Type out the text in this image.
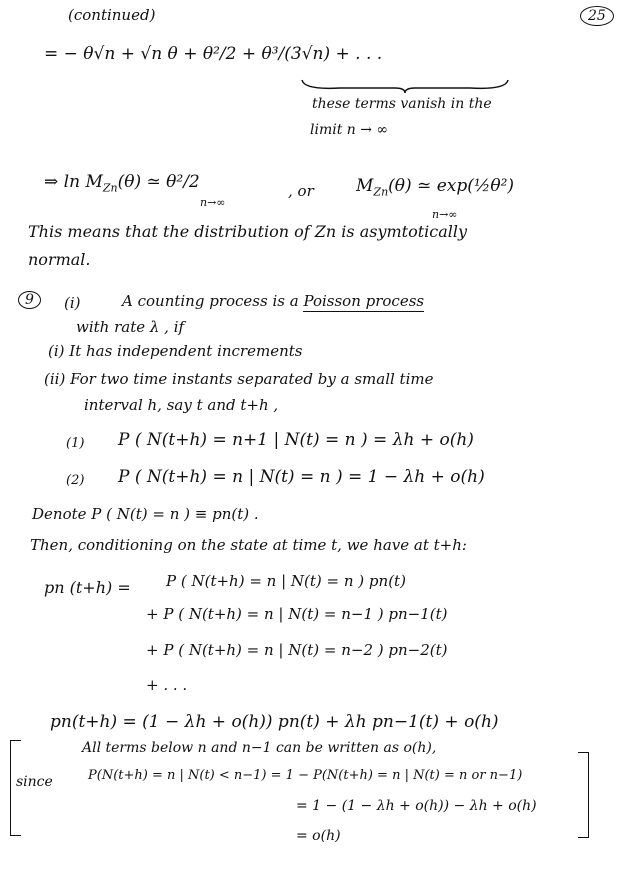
(continued)	25
= − θ√n + √n θ + θ²/2 + θ³/(3√n) + . . .
these terms vanish in the
limit n → ∞
⇒ $\ln M_{Zn}(\theta)$ ≃ θ²/2
n→∞
, or $M_{Zn}(\theta)$ ≃ exp(½θ²)
n→∞
This means that the distribution of Zn is asymtotically
normal.
9	(i)	A counting process is a Poisson process
with rate λ , if
(i) It has independent increments
(ii) For two time instants separated by a small time
interval h, say t and t+h ,
(1) P ( N(t+h) = n+1 | N(t) = n ) = λh + o(h)
(2) P ( N(t+h) = n | N(t) = n ) = 1 − λh + o(h)
Denote P ( N(t) = n ) ≡ pn(t) .
Then, conditioning on the state at time t, we have at t+h:
pn (t+h) = P ( N(t+h) = n | N(t) = n ) pn(t)
+ P ( N(t+h) = n | N(t) = n−1 ) pn−1(t)
+ P ( N(t+h) = n | N(t) = n−2 ) pn−2(t)
+ . . .
pn(t+h) = (1 − λh + o(h)) pn(t) + λh pn−1(t) + o(h)
All terms below n and n−1 can be written as o(h),
since	P(N(t+h) = n | N(t) < n−1) = 1 − P(N(t+h) = n | N(t) = n or n−1)
= 1 − (1 − λh + o(h)) − λh + o(h)
= o(h)
